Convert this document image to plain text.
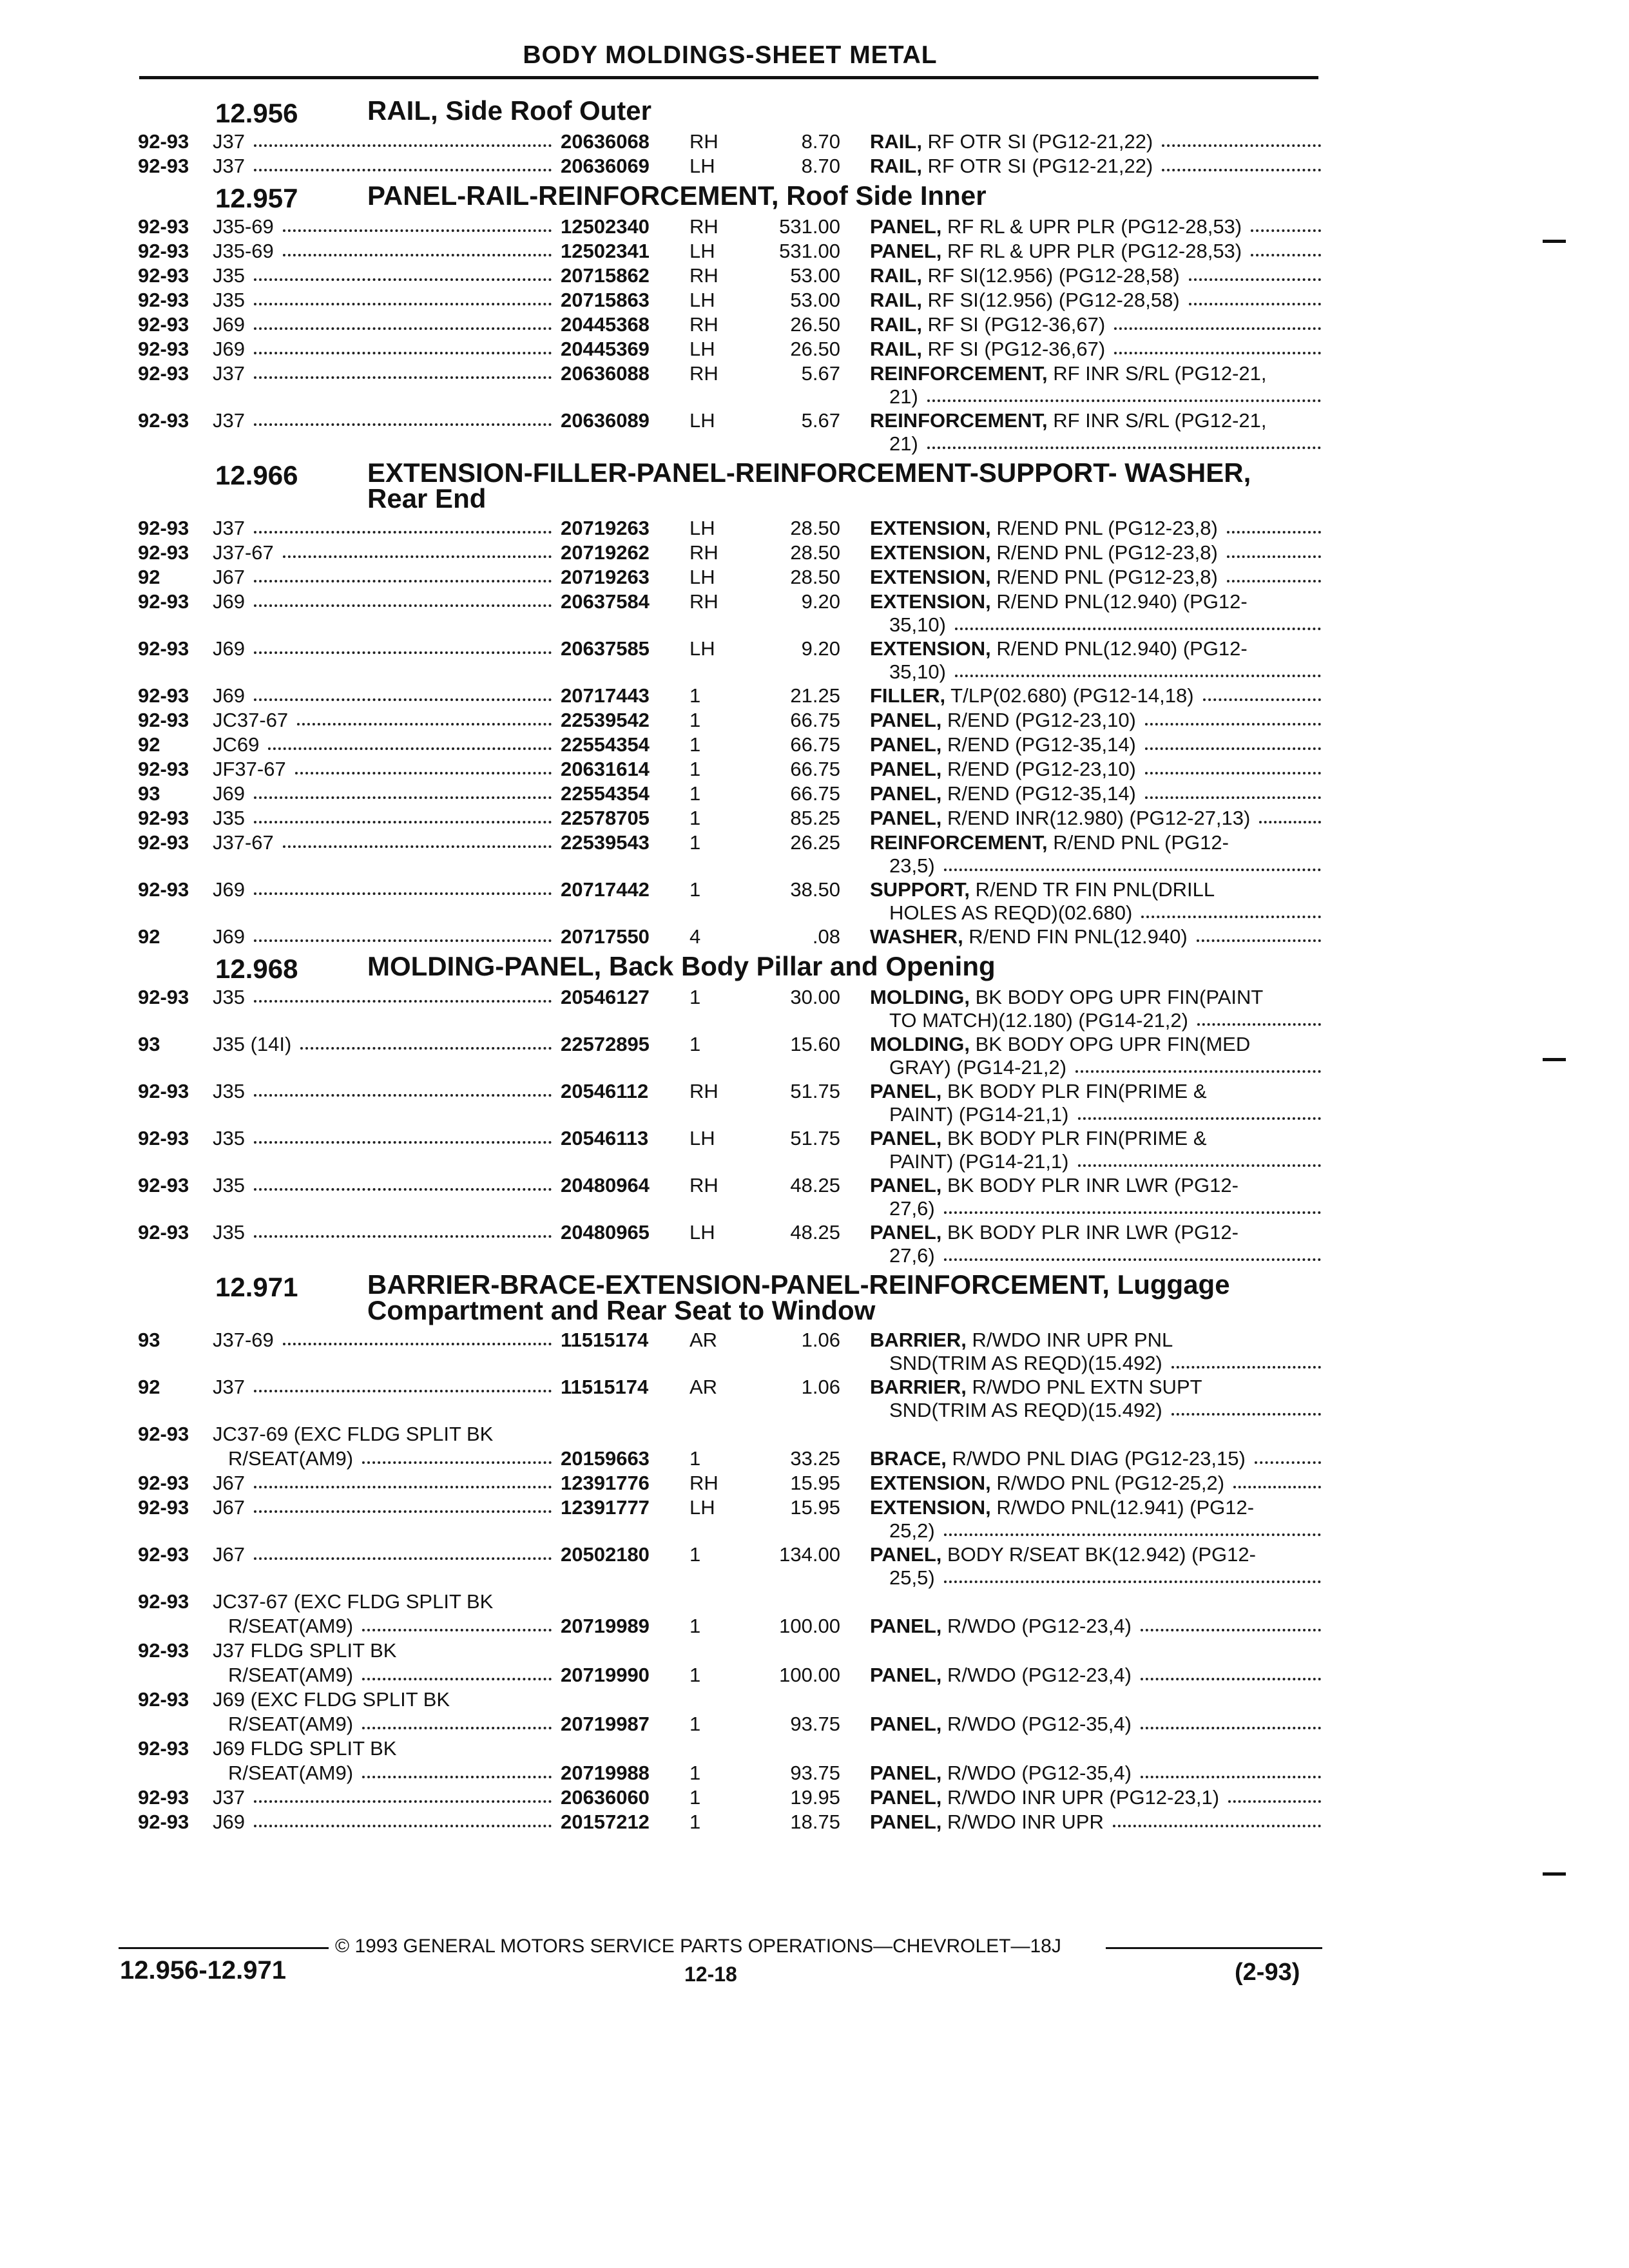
BODY MOLDINGS-SHEET METAL
12.956	RAIL, Side Roof Outer
92-93 J37	20636068 RH	8.70 RAIL, RF OTR SI (PG12-21,22)
92-93 J37	20636069 LH	8.70 RAIL, RF OTR SI (PG12-21,22)
12.957	PANEL-RAIL-REINFORCEMENT, Roof Side Inner
92-93 J35-69	12502340 RH	531.00 PANEL, RF RL & UPR PLR (PG12-28,53)
92-93 J35-69	12502341 LH	531.00 PANEL, RF RL & UPR PLR (PG12-28,53)
92-93 J35	20715862 RH	53.00 RAIL, RF SI(12.956) (PG12-28,58)
92-93 J35	20715863 LH	53.00 RAIL, RF SI(12.956) (PG12-28,58)
92-93 J69	20445368 RH	26.50 RAIL, RF SI (PG12-36,67)
92-93 J69	20445369 LH	26.50 RAIL, RF SI (PG12-36,67)
92-93 J37	20636088 RH	5.67 REINFORCEMENT, RF INR S/RL (PG12-21,
21)
92-93 J37	20636089 LH	5.67 REINFORCEMENT, RF INR S/RL (PG12-21,
21)
12.966	EXTENSION-FILLER-PANEL-REINFORCEMENT-SUPPORT- WASHER,
Rear End
92-93 J37	20719263 LH	28.50 EXTENSION, R/END PNL (PG12-23,8)
92-93 J37-67	20719262 RH	28.50 EXTENSION, R/END PNL (PG12-23,8)
92	J67	20719263 LH	28.50 EXTENSION, R/END PNL (PG12-23,8)
92-93 J69	20637584 RH	9.20 EXTENSION, R/END PNL(12.940) (PG12-
35,10)
92-93 J69	20637585 LH	9.20 EXTENSION, R/END PNL(12.940) (PG12-
35,10)
92-93 J69	20717443 1	21.25 FILLER, T/LP(02.680) (PG12-14,18)
92-93 JC37-67	22539542 1	66.75 PANEL, R/END (PG12-23,10)
92	JC69	22554354 1	66.75 PANEL, R/END (PG12-35,14)
92-93 JF37-67	20631614 1	66.75 PANEL, R/END (PG12-23,10)
93	J69	22554354 1	66.75 PANEL, R/END (PG12-35,14)
92-93 J35	22578705 1	85.25 PANEL, R/END INR(12.980) (PG12-27,13)
92-93 J37-67	22539543 1	26.25 REINFORCEMENT, R/END PNL (PG12-
23,5)
92-93 J69	20717442 1	38.50 SUPPORT, R/END TR FIN PNL(DRILL
HOLES AS REQD)(02.680)
92	J69	20717550 4	.08 WASHER, R/END FIN PNL(12.940)
12.968	MOLDING-PANEL, Back Body Pillar and Opening
92-93 J35	20546127 1	30.00 MOLDING, BK BODY OPG UPR FIN(PAINT
TO MATCH)(12.180) (PG14-21,2)
93	J35 (14I)	22572895 1	15.60 MOLDING, BK BODY OPG UPR FIN(MED
GRAY) (PG14-21,2)
92-93 J35	20546112 RH	51.75 PANEL, BK BODY PLR FIN(PRIME &
PAINT) (PG14-21,1)
92-93 J35	20546113 LH	51.75 PANEL, BK BODY PLR FIN(PRIME &
PAINT) (PG14-21,1)
92-93 J35	20480964 RH	48.25 PANEL, BK BODY PLR INR LWR (PG12-
27,6)
92-93 J35	20480965 LH	48.25 PANEL, BK BODY PLR INR LWR (PG12-
27,6)
12.971	BARRIER-BRACE-EXTENSION-PANEL-REINFORCEMENT, Luggage
Compartment and Rear Seat to Window
93	J37-69	11515174 AR	1.06 BARRIER, R/WDO INR UPR PNL
SND(TRIM AS REQD)(15.492)
92	J37	11515174 AR	1.06 BARRIER, R/WDO PNL EXTN SUPT
SND(TRIM AS REQD)(15.492)
92-93 JC37-69 (EXC FLDG SPLIT BK
R/SEAT(AM9)	20159663 1	33.25 BRACE, R/WDO PNL DIAG (PG12-23,15)
92-93 J67	12391776 RH	15.95 EXTENSION, R/WDO PNL (PG12-25,2)
92-93 J67	12391777 LH	15.95 EXTENSION, R/WDO PNL(12.941) (PG12-
25,2)
92-93 J67	20502180 1	134.00 PANEL, BODY R/SEAT BK(12.942) (PG12-
25,5)
92-93 JC37-67 (EXC FLDG SPLIT BK
R/SEAT(AM9)	20719989 1	100.00 PANEL, R/WDO (PG12-23,4)
92-93 J37 FLDG SPLIT BK
R/SEAT(AM9)	20719990 1	100.00 PANEL, R/WDO (PG12-23,4)
92-93 J69 (EXC FLDG SPLIT BK
R/SEAT(AM9)	20719987 1	93.75 PANEL, R/WDO (PG12-35,4)
92-93 J69 FLDG SPLIT BK
R/SEAT(AM9)	20719988 1	93.75 PANEL, R/WDO (PG12-35,4)
92-93 J37	20636060 1	19.95 PANEL, R/WDO INR UPR (PG12-23,1)
92-93 J69	20157212 1	18.75 PANEL, R/WDO INR UPR
© 1993 GENERAL MOTORS SERVICE PARTS OPERATIONS—CHEVROLET—18J
12.956-12.971	12-18	(2-93)
